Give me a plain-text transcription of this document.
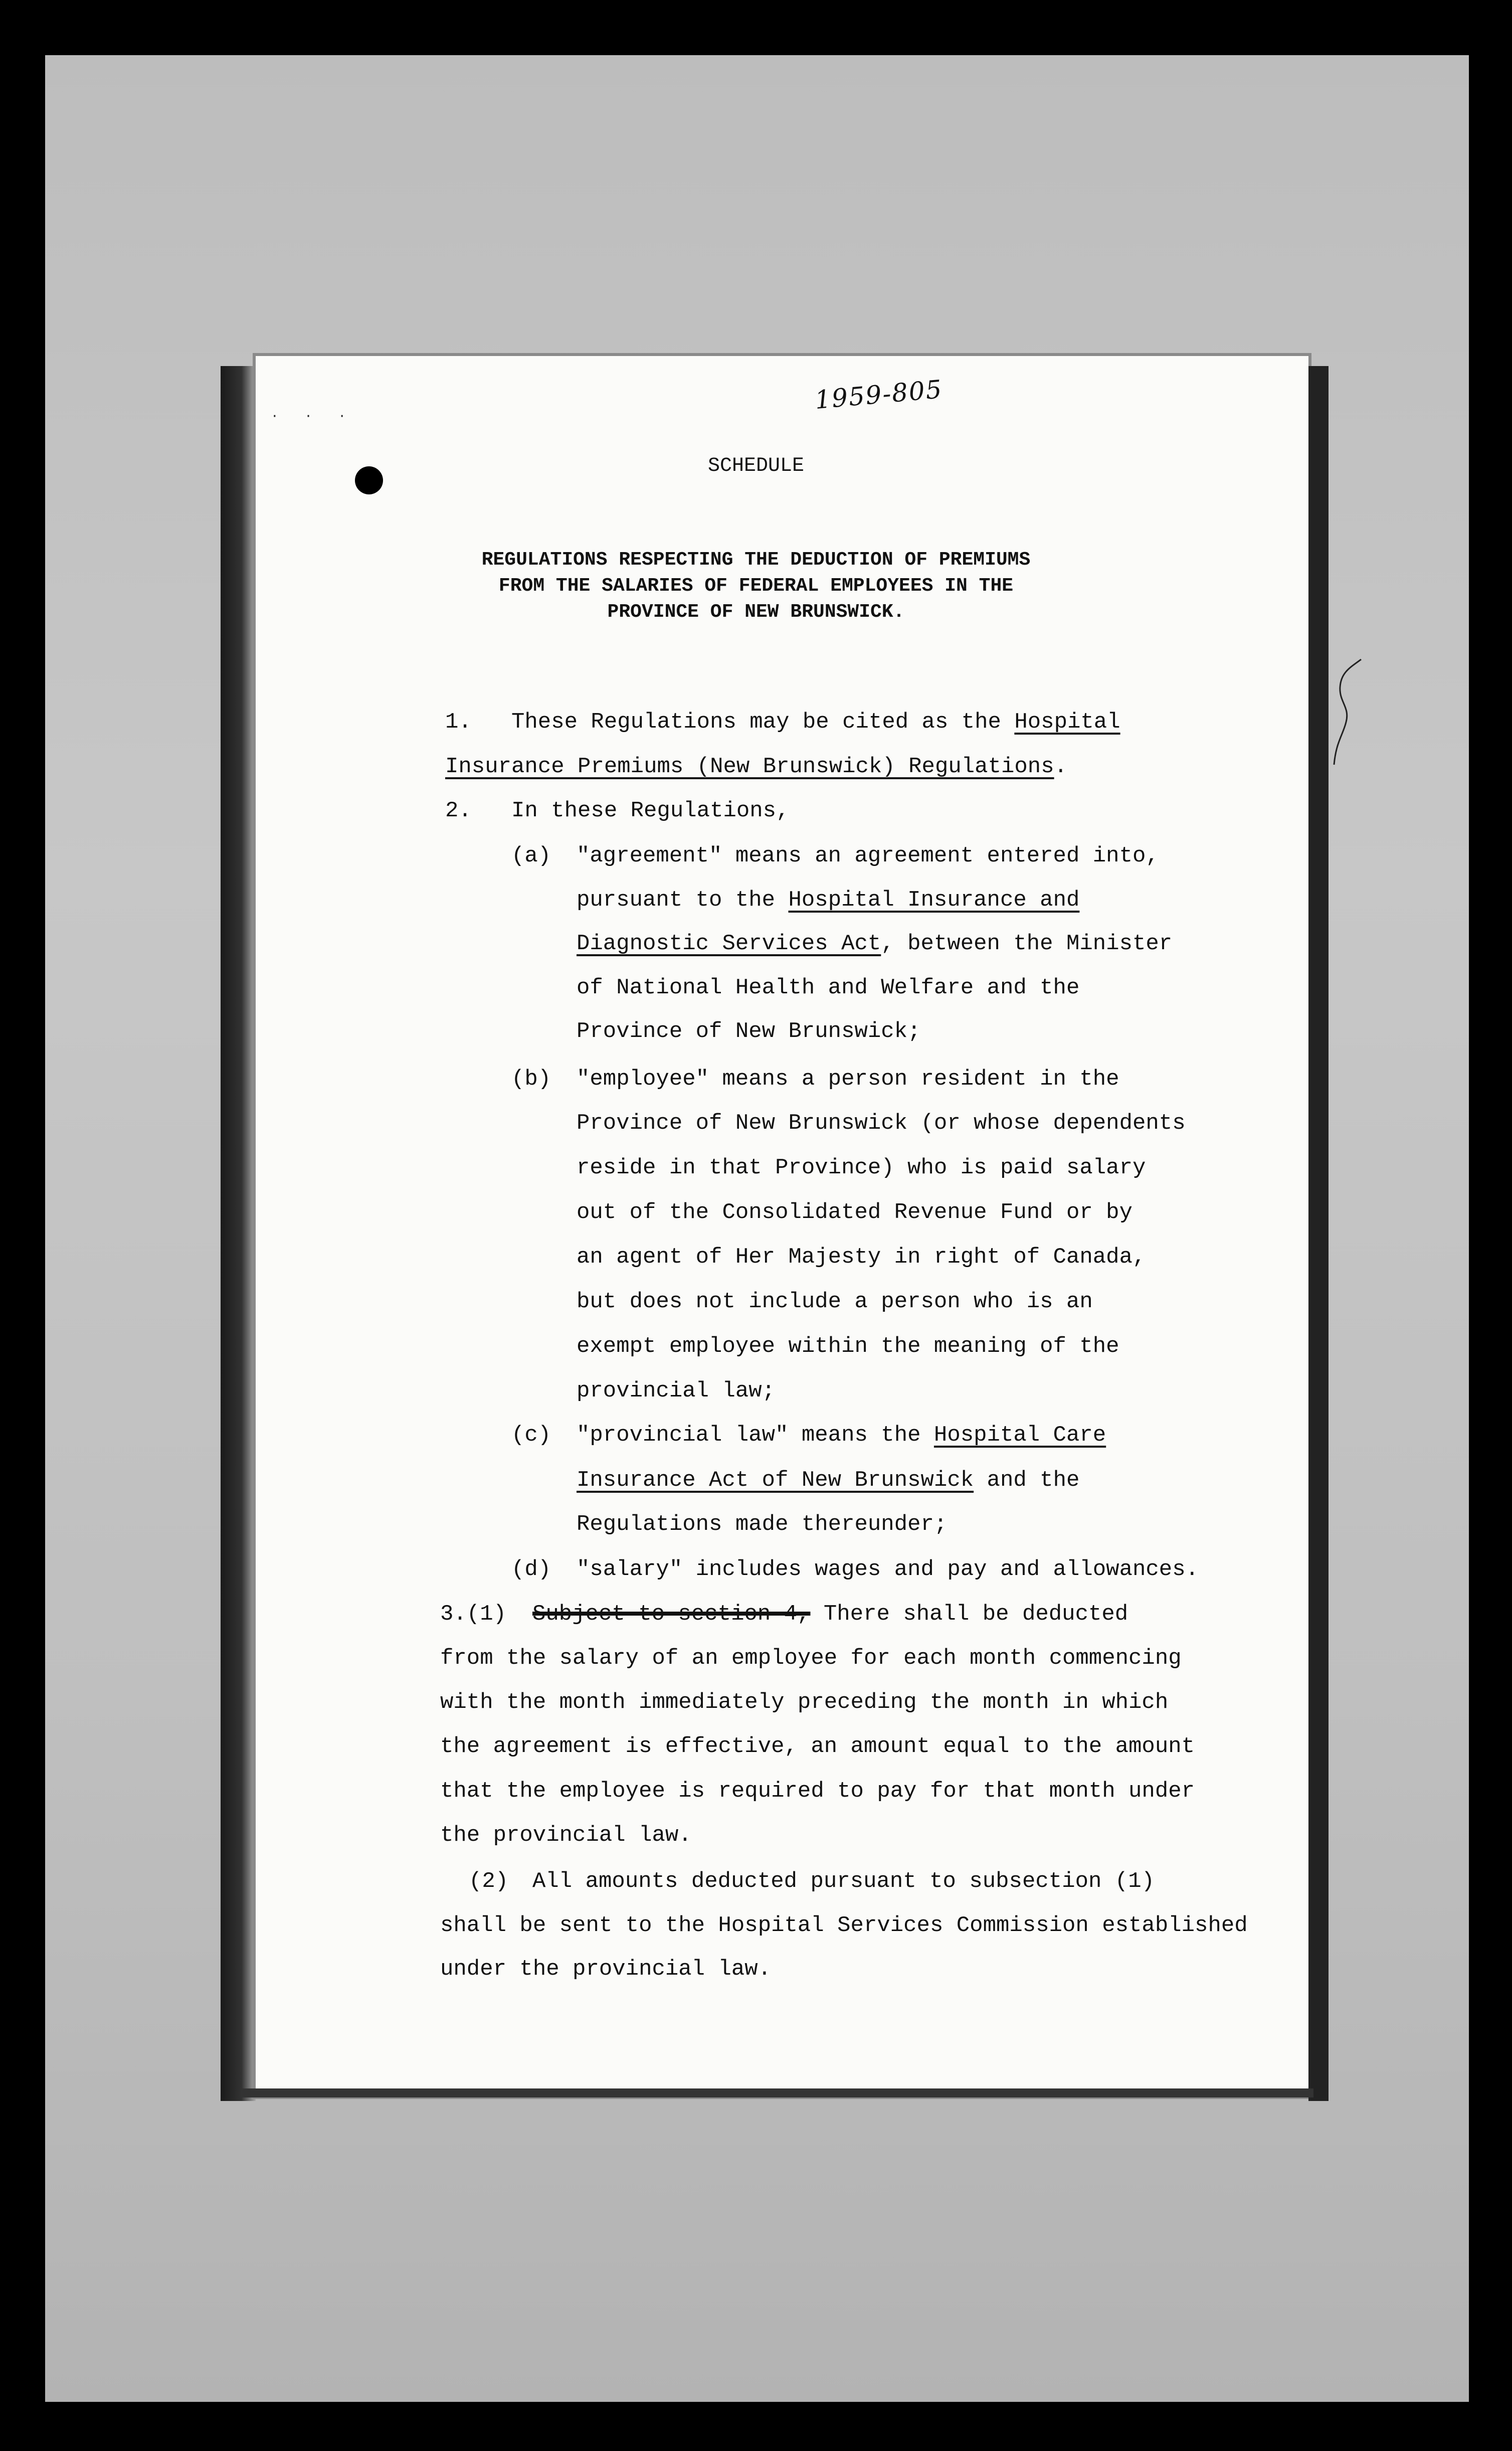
· · ·
1959-805
SCHEDULE
REGULATIONS RESPECTING THE DEDUCTION OF PREMIUMS
FROM THE SALARIES OF FEDERAL EMPLOYEES IN THE
PROVINCE OF NEW BRUNSWICK.
1. These Regulations may be cited as the Hospital
Insurance Premiums (New Brunswick) Regulations.
2. In these Regulations,
(a) "agreement" means an agreement entered into,
pursuant to the Hospital Insurance and
Diagnostic Services Act, between the Minister
of National Health and Welfare and the
Province of New Brunswick;
(b) "employee" means a person resident in the
Province of New Brunswick (or whose dependents
reside in that Province) who is paid salary
out of the Consolidated Revenue Fund or by
an agent of Her Majesty in right of Canada,
but does not include a person who is an
exempt employee within the meaning of the
provincial law;
(c) "provincial law" means the Hospital Care
Insurance Act of New Brunswick and the
Regulations made thereunder;
(d) "salary" includes wages and pay and allowances.
3.(1) Subject to section 4, There shall be deducted
from the salary of an employee for each month commencing
with the month immediately preceding the month in which
the agreement is effective, an amount equal to the amount
that the employee is required to pay for that month under
the provincial law.
(2) All amounts deducted pursuant to subsection (1)
shall be sent to the Hospital Services Commission established
under the provincial law.
